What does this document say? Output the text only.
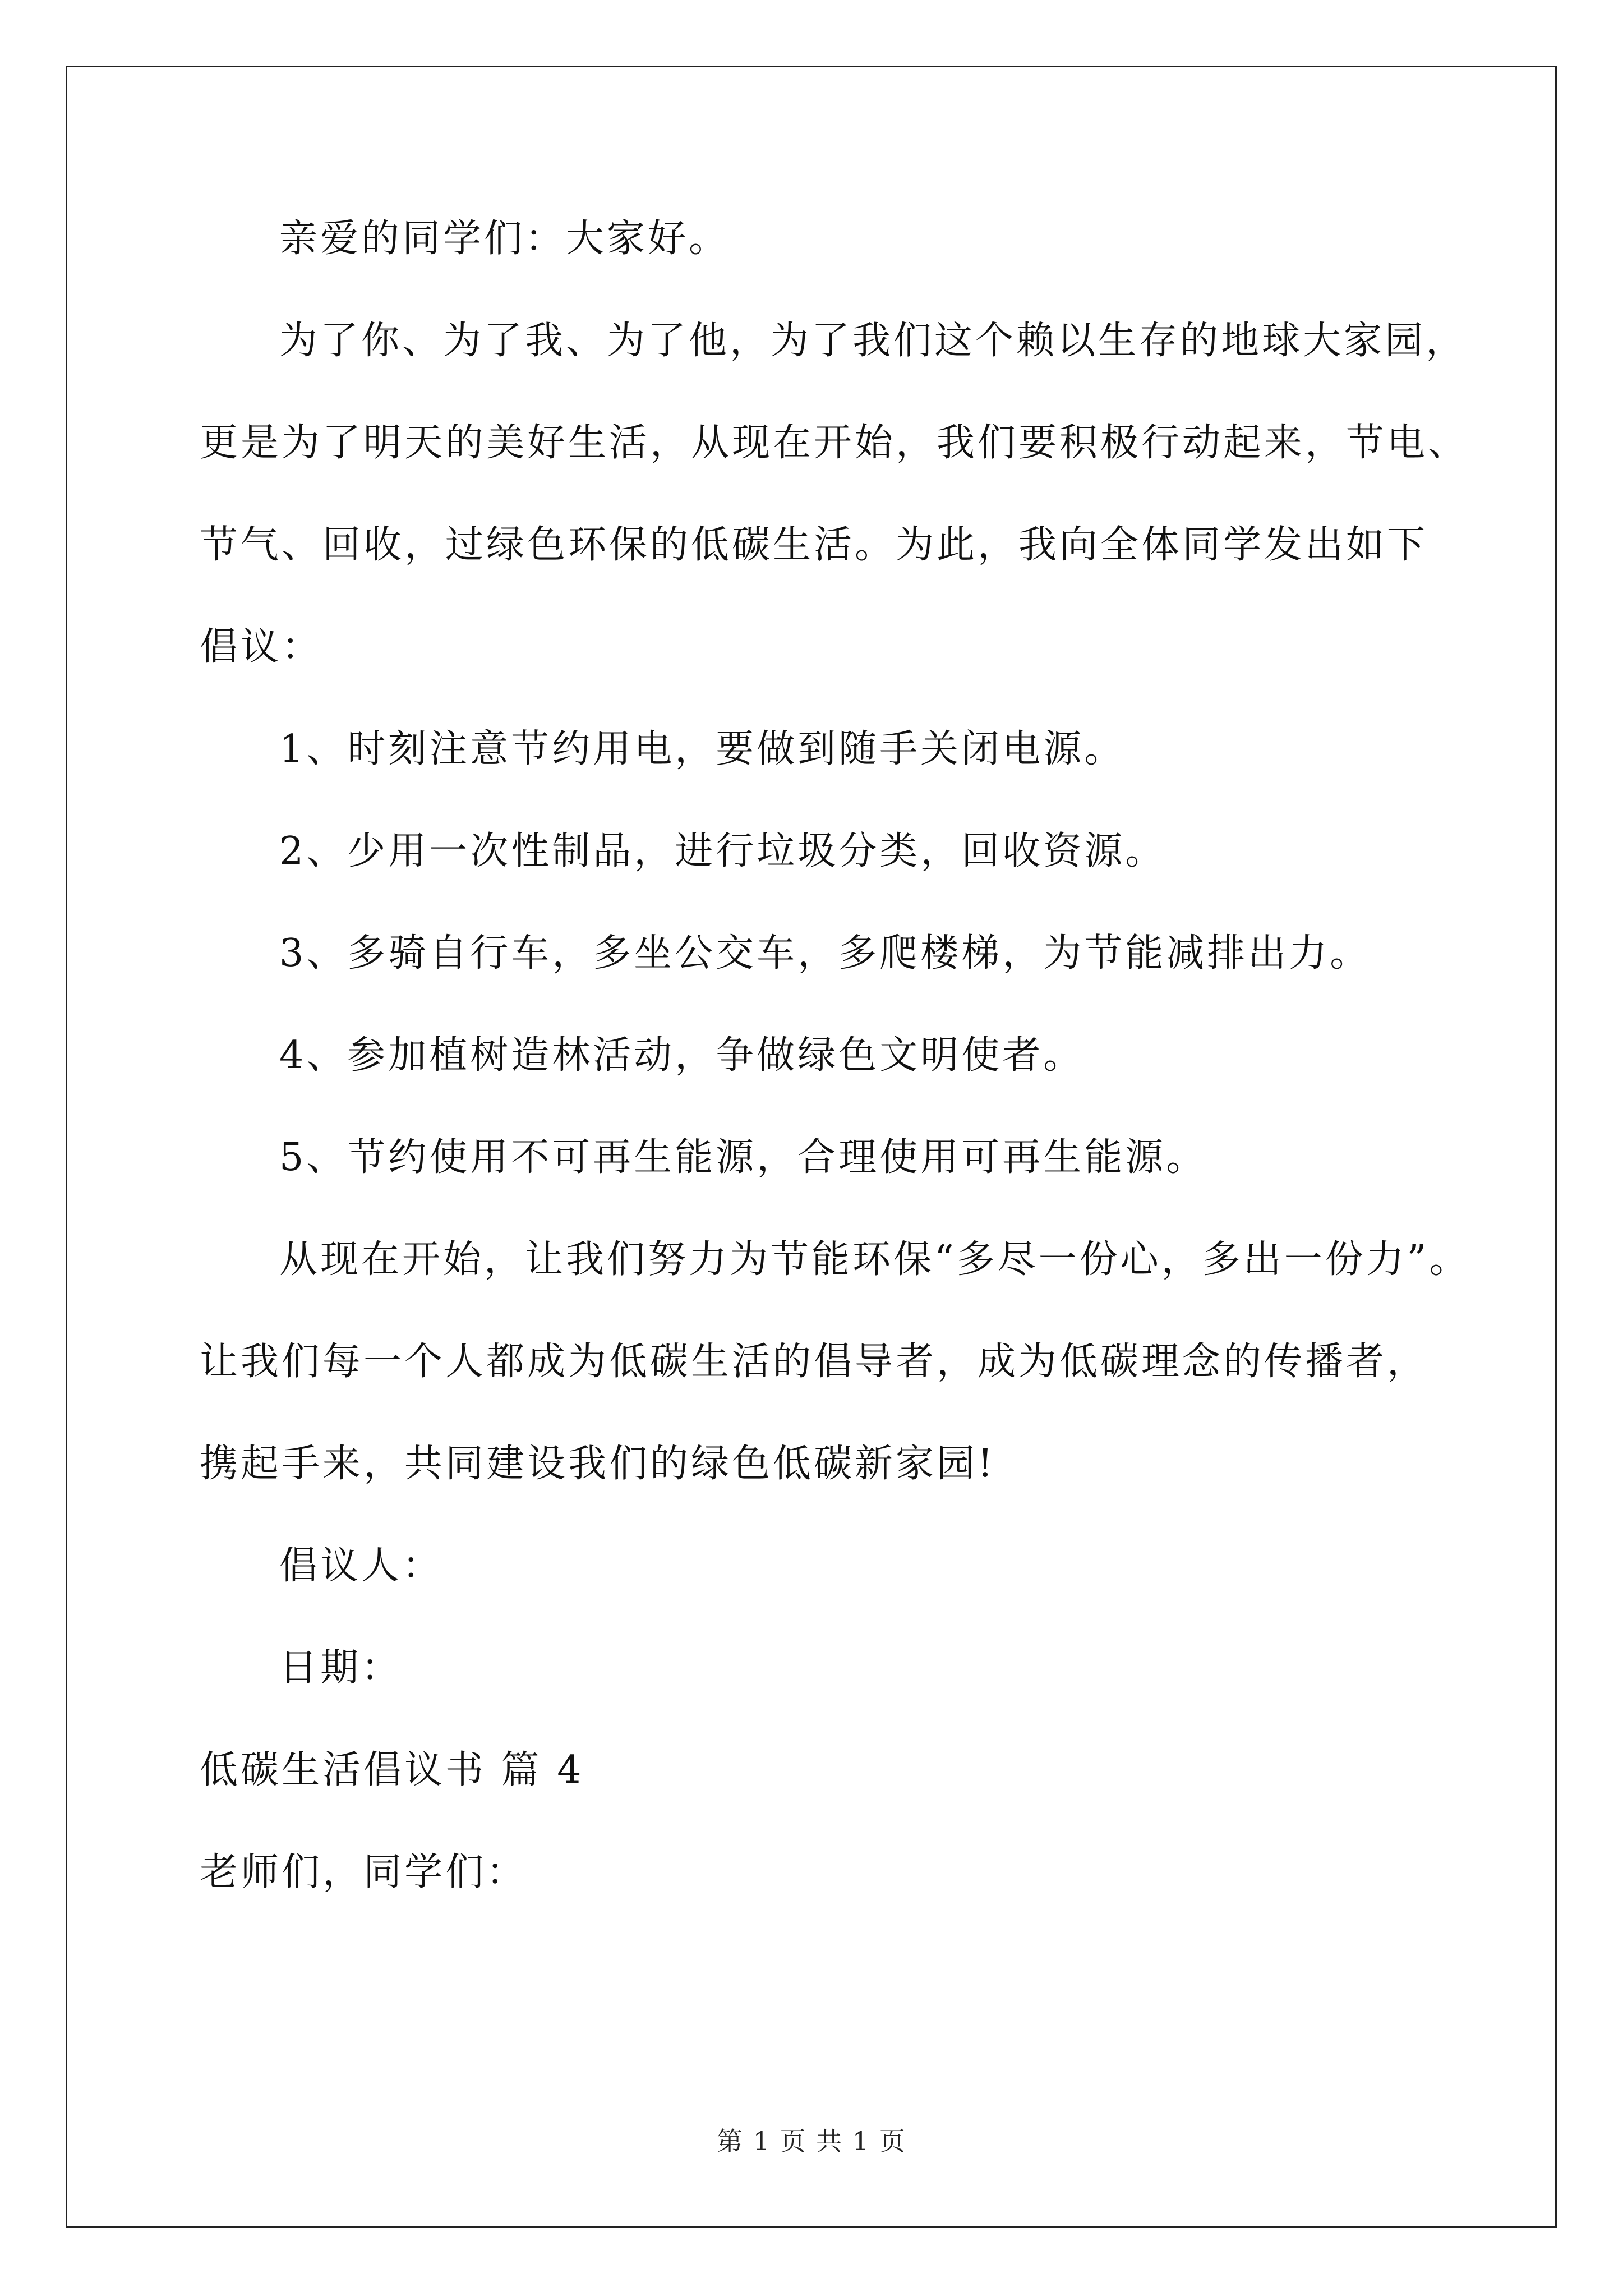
亲爱的同学们：大家好。
为了你、为了我、为了他，为了我们这个赖以生存的地球大家园，
更是为了明天的美好生活，从现在开始，我们要积极行动起来，节电、
节气、回收，过绿色环保的低碳生活。为此，我向全体同学发出如下
倡议：
1、时刻注意节约用电，要做到随手关闭电源。
2、少用一次性制品，进行垃圾分类，回收资源。
3、多骑自行车，多坐公交车，多爬楼梯，为节能减排出力。
4、参加植树造林活动，争做绿色文明使者。
5、节约使用不可再生能源，合理使用可再生能源。
从现在开始，让我们努力为节能环保“多尽一份心，多出一份力”。
让我们每一个人都成为低碳生活的倡导者，成为低碳理念的传播者，
携起手来，共同建设我们的绿色低碳新家园!
倡议人：
日期：
低碳生活倡议书 篇 4
老师们，同学们：
第 1 页 共 1 页
